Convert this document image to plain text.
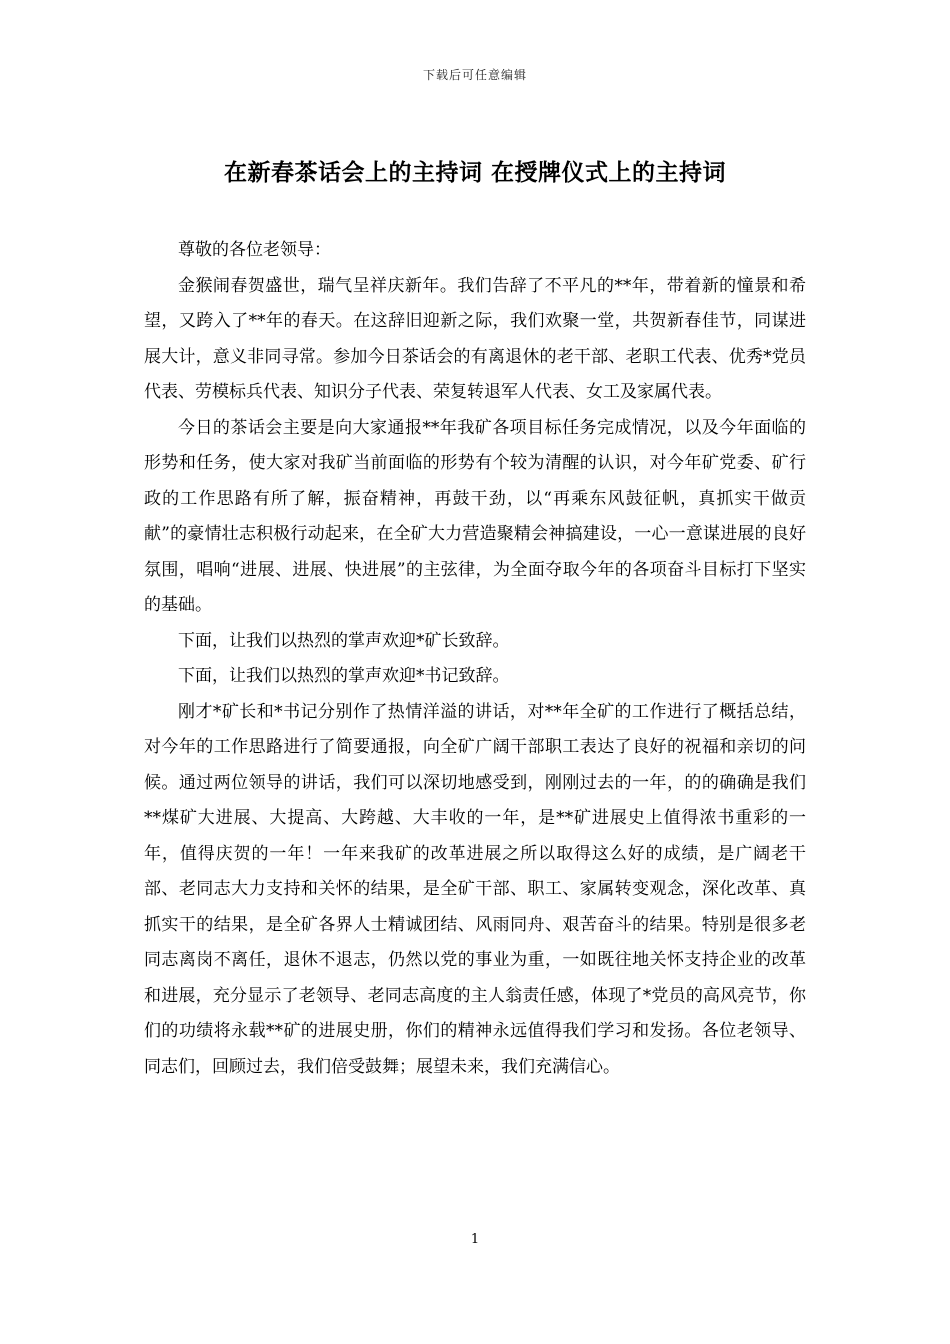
下载后可任意编辑
在新春茶话会上的主持词 在授牌仪式上的主持词

尊敬的各位老领导：

金猴闹春贺盛世，瑞气呈祥庆新年。我们告辞了不平凡的**年，带着新的憧景和希望，又跨入了**年的春天。在这辞旧迎新之际，我们欢聚一堂，共贺新春佳节，同谋进展大计，意义非同寻常。参加今日茶话会的有离退休的老干部、老职工代表、优秀*党员代表、劳模标兵代表、知识分子代表、荣复转退军人代表、女工及家属代表。

今日的茶话会主要是向大家通报**年我矿各项目标任务完成情况，以及今年面临的形势和任务，使大家对我矿当前面临的形势有个较为清醒的认识，对今年矿党委、矿行政的工作思路有所了解，振奋精神，再鼓干劲，以“再乘东风鼓征帆，真抓实干做贡献”的豪情壮志积极行动起来，在全矿大力营造聚精会神搞建设，一心一意谋进展的良好氛围，唱响“进展、进展、快进展”的主弦律，为全面夺取今年的各项奋斗目标打下坚实的基础。

下面，让我们以热烈的掌声欢迎*矿长致辞。

下面，让我们以热烈的掌声欢迎*书记致辞。

刚才*矿长和*书记分别作了热情洋溢的讲话，对**年全矿的工作进行了概括总结，对今年的工作思路进行了简要通报，向全矿广阔干部职工表达了良好的祝福和亲切的问候。通过两位领导的讲话，我们可以深切地感受到，刚刚过去的一年，的的确确是我们**煤矿大进展、大提高、大跨越、大丰收的一年，是**矿进展史上值得浓书重彩的一年，值得庆贺的一年！一年来我矿的改革进展之所以取得这么好的成绩，是广阔老干部、老同志大力支持和关怀的结果，是全矿干部、职工、家属转变观念，深化改革、真抓实干的结果，是全矿各界人士精诚团结、风雨同舟、艰苦奋斗的结果。特别是很多老同志离岗不离任，退休不退志，仍然以党的事业为重，一如既往地关怀支持企业的改革和进展，充分显示了老领导、老同志高度的主人翁责任感，体现了*党员的高风亮节，你们的功绩将永载**矿的进展史册，你们的精神永远值得我们学习和发扬。各位老领导、同志们，回顾过去，我们倍受鼓舞；展望未来，我们充满信心。

1
